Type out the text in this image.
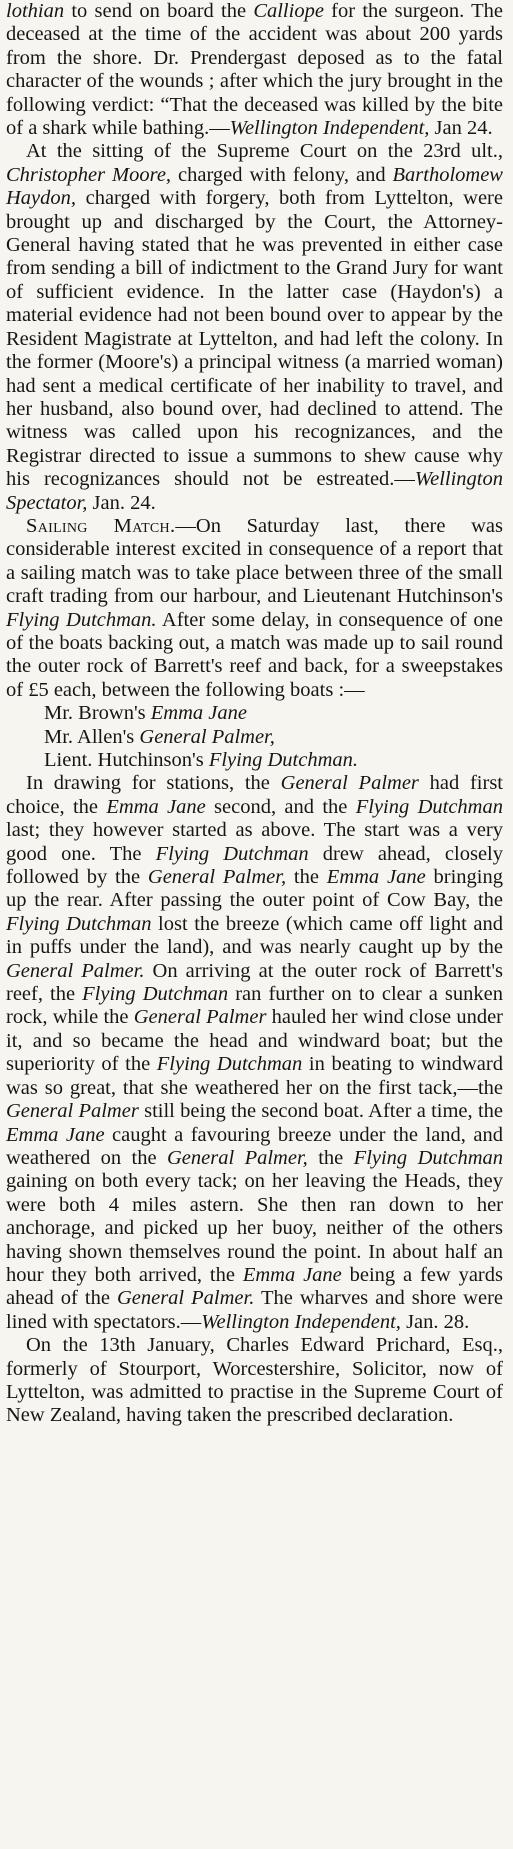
lothian to send on board the Calliope for the surgeon. The deceased at the time of the accident was about 200 yards from the shore. Dr. Prendergast deposed as to the fatal character of the wounds ; after which the jury brought in the following verdict: “That the deceased was killed by the bite of a shark while bathing.—Wellington Independent, Jan 24.

At the sitting of the Supreme Court on the 23rd ult., Christopher Moore, charged with felony, and Bartholomew Haydon, charged with forgery, both from Lyttelton, were brought up and discharged by the Court, the Attorney-General having stated that he was prevented in either case from sending a bill of indictment to the Grand Jury for want of sufficient evidence. In the latter case (Haydon's) a material evidence had not been bound over to appear by the Resident Magistrate at Lyttelton, and had left the colony. In the former (Moore's) a principal witness (a married woman) had sent a medical certificate of her inability to travel, and her husband, also bound over, had declined to attend. The witness was called upon his recognizances, and the Registrar directed to issue a summons to shew cause why his recognizances should not be estreated.—Wellington Spectator, Jan. 24.

Sailing Match.—On Saturday last, there was considerable interest excited in consequence of a report that a sailing match was to take place between three of the small craft trading from our harbour, and Lieutenant Hutchinson's Flying Dutchman. After some delay, in consequence of one of the boats backing out, a match was made up to sail round the outer rock of Barrett's reef and back, for a sweepstakes of £5 each, between the following boats :—

Mr. Brown's Emma Jane
Mr. Allen's General Palmer,
Lient. Hutchinson's Flying Dutchman.

In drawing for stations, the General Palmer had first choice, the Emma Jane second, and the Flying Dutchman last; they however started as above. The start was a very good one. The Flying Dutchman drew ahead, closely followed by the General Palmer, the Emma Jane bringing up the rear. After passing the outer point of Cow Bay, the Flying Dutchman lost the breeze (which came off light and in puffs under the land), and was nearly caught up by the General Palmer. On arriving at the outer rock of Barrett's reef, the Flying Dutchman ran further on to clear a sunken rock, while the General Palmer hauled her wind close under it, and so became the head and windward boat; but the superiority of the Flying Dutchman in beating to windward was so great, that she weathered her on the first tack,—the General Palmer still being the second boat. After a time, the Emma Jane caught a favouring breeze under the land, and weathered on the General Palmer, the Flying Dutchman gaining on both every tack; on her leaving the Heads, they were both 4 miles astern. She then ran down to her anchorage, and picked up her buoy, neither of the others having shown themselves round the point. In about half an hour they both arrived, the Emma Jane being a few yards ahead of the General Palmer. The wharves and shore were lined with spectators.—Wellington Independent, Jan. 28.

On the 13th January, Charles Edward Prichard, Esq., formerly of Stourport, Worcestershire, Solicitor, now of Lyttelton, was admitted to practise in the Supreme Court of New Zealand, having taken the prescribed declaration.
